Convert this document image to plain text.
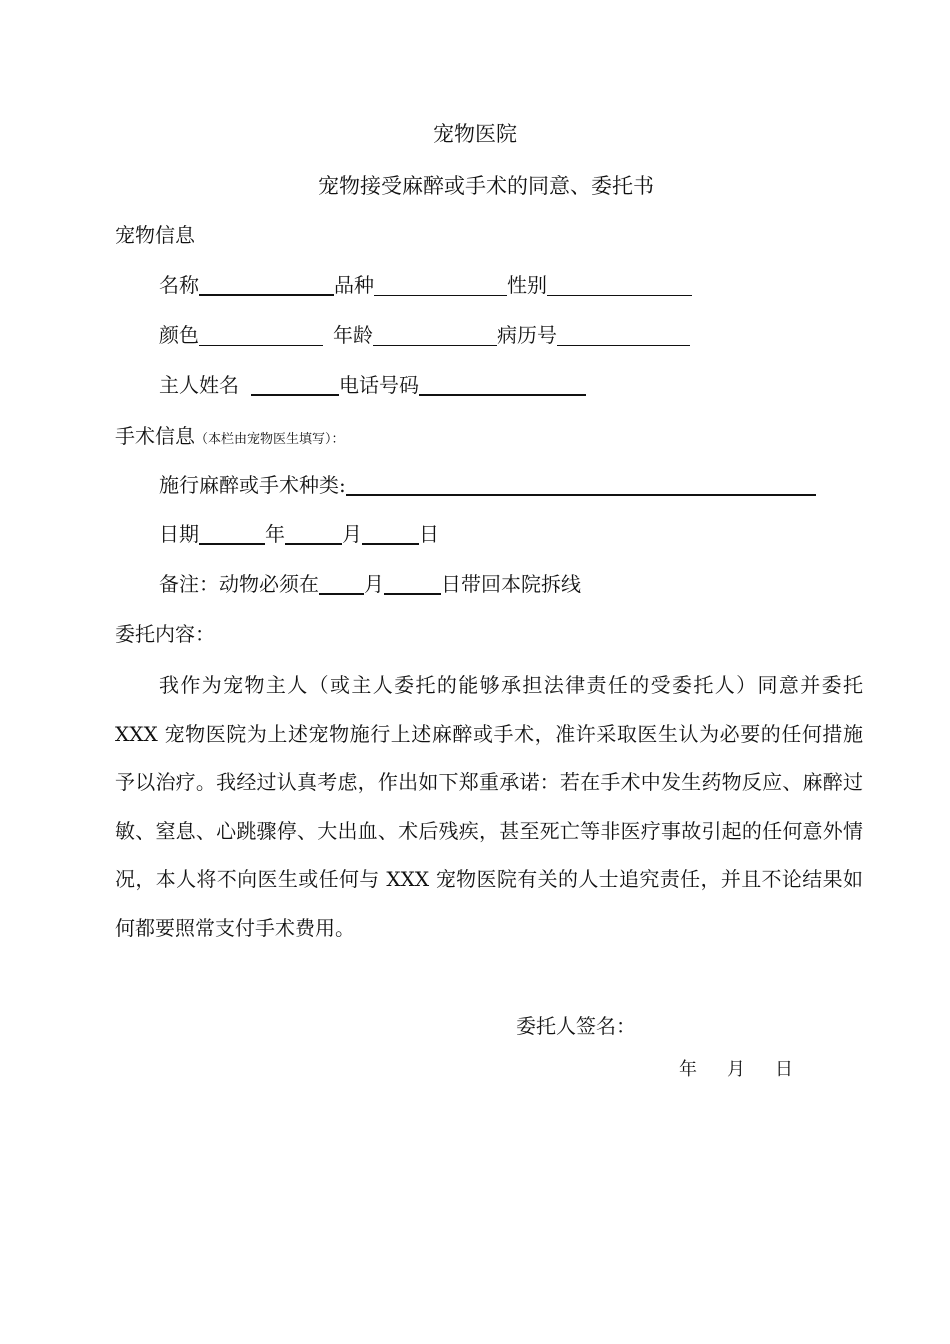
宠物医院
宠物接受麻醉或手术的同意、委托书
宠物信息
名称	品种	性别
颜色	年龄	病历号
主人姓名	电话号码
手术信息（本栏由宠物医生填写）：
施行麻醉或手术种类:
日期	年	月	日
备注：动物必须在 月	日带回本院拆线
委托内容：
我作为宠物主人（或主人委托的能够承担法律责任的受委托人）同意并委托 XXX 宠物医院为上述宠物施行上述麻醉或手术，准许采取医生认为必要的任何措施予以治疗。我经过认真考虑，作出如下郑重承诺：若在手术中发生药物反应、麻醉过敏、窒息、心跳骤停、大出血、术后残疾，甚至死亡等非医疗事故引起的任何意外情况，本人将不向医生或任何与 XXX 宠物医院有关的人士追究责任，并且不论结果如何都要照常支付手术费用。
委托人签名：
年 月 日
